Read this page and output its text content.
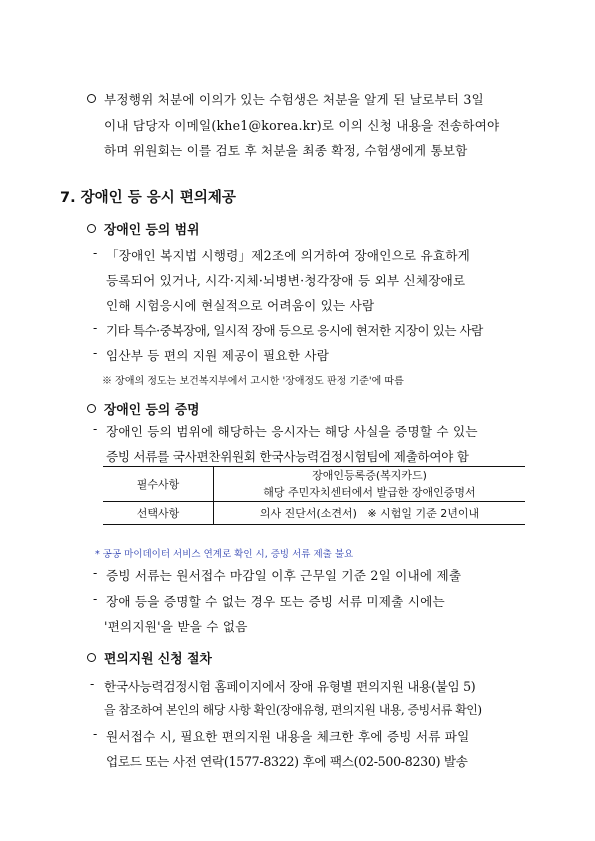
부정행위 처분에 이의가 있는 수험생은 처분을 알게 된 날로부터 3일
이내 담당자 이메일(khe1@korea.kr)로 이의 신청 내용을 전송하여야
하며 위원회는 이를 검토 후 처분을 최종 확정, 수험생에게 통보함
7. 장애인 등 응시 편의제공
장애인 등의 범위
- 「장애인 복지법 시행령」제2조에 의거하여 장애인으로 유효하게
등록되어 있거나, 시각·지체·뇌병변·청각장애 등 외부 신체장애로
인해 시험응시에 현실적으로 어려움이 있는 사람
- 기타 특수·중복장애, 일시적 장애 등으로 응시에 현저한 지장이 있는 사람
- 임산부 등 편의 지원 제공이 필요한 사람
※ 장애의 정도는 보건복지부에서 고시한 '장애정도 판정 기준'에 따름
장애인 등의 증명
- 장애인 등의 범위에 해당하는 응시자는 해당 사실을 증명할 수 있는
증빙 서류를 국사편찬위원회 한국사능력검정시험팀에 제출하여야 함
필수사항	장애인등록증(복지카드)
해당 주민자치센터에서 발급한 장애인증명서

선택사항	의사 진단서(소견서)   ※ 시험일 기준 2년이내
* 공공 마이데이터 서비스 연계로 확인 시, 증빙 서류 제출 불요
- 증빙 서류는 원서접수 마감일 이후 근무일 기준 2일 이내에 제출
- 장애 등을 증명할 수 없는 경우 또는 증빙 서류 미제출 시에는
'편의지원'을 받을 수 없음
편의지원 신청 절차
- 한국사능력검정시험 홈페이지에서 장애 유형별 편의지원 내용(붙임 5)
을 참조하여 본인의 해당 사항 확인(장애유형, 편의지원 내용, 증빙서류 확인)
- 원서접수 시, 필요한 편의지원 내용을 체크한 후에 증빙 서류 파일
업로드 또는 사전 연락(1577-8322) 후에 팩스(02-500-8230) 발송
